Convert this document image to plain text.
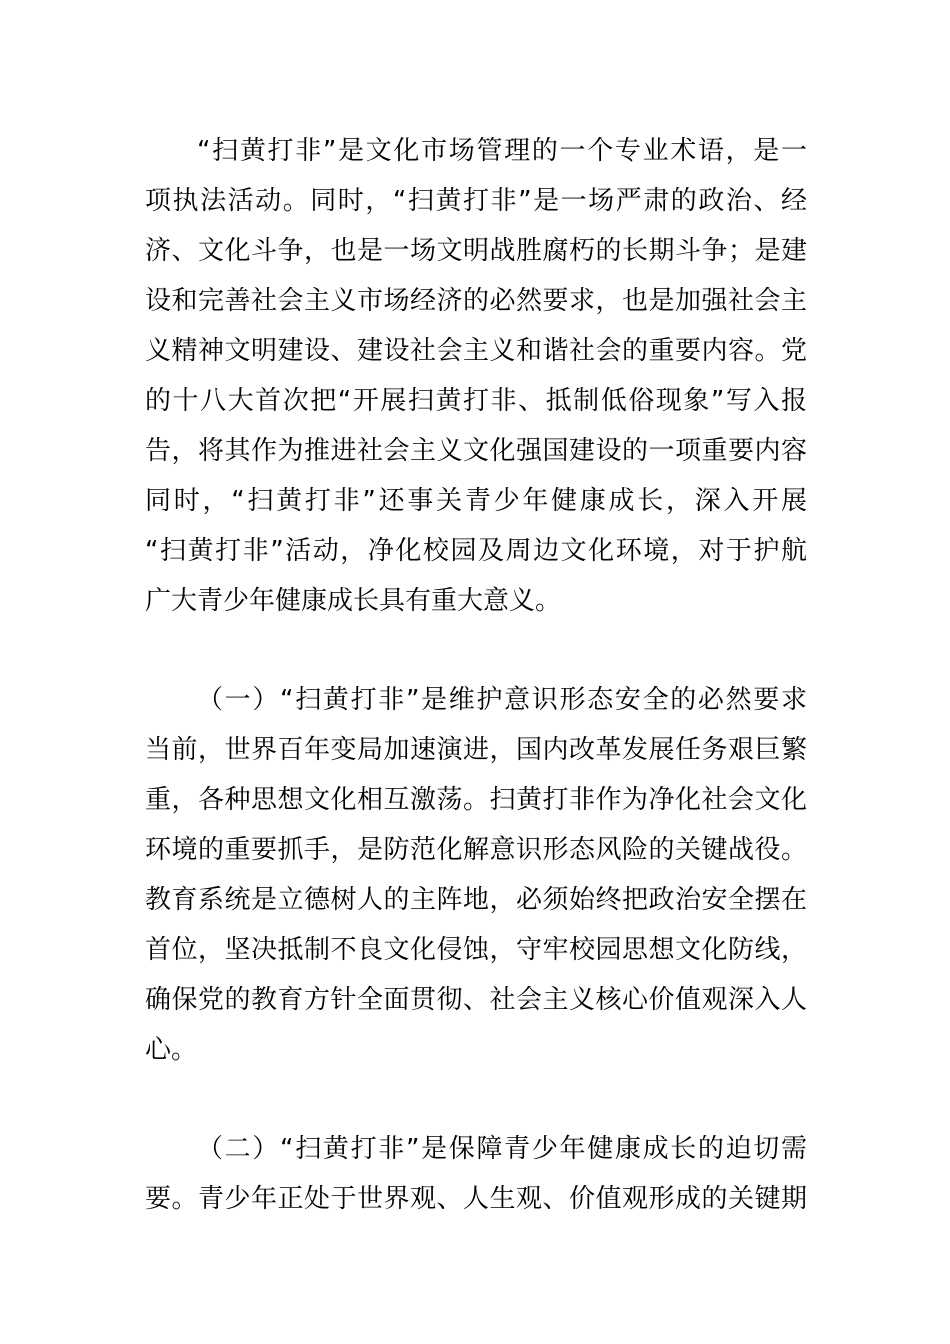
“扫黄打非”是文化市场管理的一个专业术语，是一
项执法活动。同时，“扫黄打非”是一场严肃的政治、经
济、文化斗争，也是一场文明战胜腐朽的长期斗争；是建
设和完善社会主义市场经济的必然要求，也是加强社会主
义精神文明建设、建设社会主义和谐社会的重要内容。党
的十八大首次把“开展扫黄打非、抵制低俗现象”写入报
告，将其作为推进社会主义文化强国建设的一项重要内容
同时，“扫黄打非”还事关青少年健康成长，深入开展
“扫黄打非”活动，净化校园及周边文化环境，对于护航
广大青少年健康成长具有重大意义。
（一）“扫黄打非”是维护意识形态安全的必然要求
当前，世界百年变局加速演进，国内改革发展任务艰巨繁
重，各种思想文化相互激荡。扫黄打非作为净化社会文化
环境的重要抓手，是防范化解意识形态风险的关键战役。
教育系统是立德树人的主阵地，必须始终把政治安全摆在
首位，坚决抵制不良文化侵蚀，守牢校园思想文化防线，
确保党的教育方针全面贯彻、社会主义核心价值观深入人
心。
（二）“扫黄打非”是保障青少年健康成长的迫切需
要。青少年正处于世界观、人生观、价值观形成的关键期
